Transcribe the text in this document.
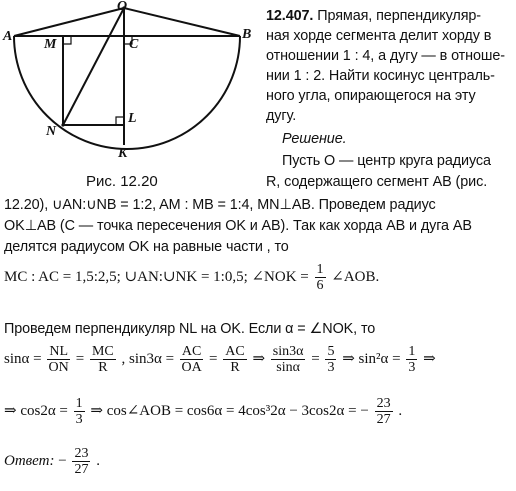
O
A	B
M	C
N
L
K
Рис. 12.20
12.407. Прямая, перпендикуляр-
ная хорде сегмента делит хорду в
отношении 1 : 4, а дугу — в отноше-
нии 1 : 2. Найти косинус централь-
ного угла, опирающегося на эту
дугу.
Решение.
Пусть O — центр круга радиуса
R, содержащего сегмент AB (рис.
12.20), ∪AN:∪NB = 1:2, AM : MB = 1:4, MN⊥AB. Проведем радиус
OK⊥AB (C — точка пересечения OK и AB). Так как хорда AB и дуга AB
делятся радиусом OK на равные части , то
MC : AC = 1,5:2,5; ∪AN:∪NK = 1:0,5; ∠NOK = $\frac{1}{6}$ ∠AOB.
Проведем перпендикуляр NL на OK. Если α = ∠NOK, то
$\sin\alpha = \frac{NL}{ON} = \frac{MC}{R}$ , $\sin 3\alpha = \frac{AC}{OA} = \frac{AC}{R}$ ⇒ $\frac{\sin 3\alpha}{\sin\alpha} = \frac{5}{3}$ ⇒ $\sin^2\alpha = \frac{1}{3}$ ⇒
⇒ $\cos 2\alpha = \frac{1}{3}$ ⇒ cos∠AOB = cos6α = 4cos³2α − 3cos2α = − $\frac{23}{27}$ .
Ответ: − $\frac{23}{27}$ .
